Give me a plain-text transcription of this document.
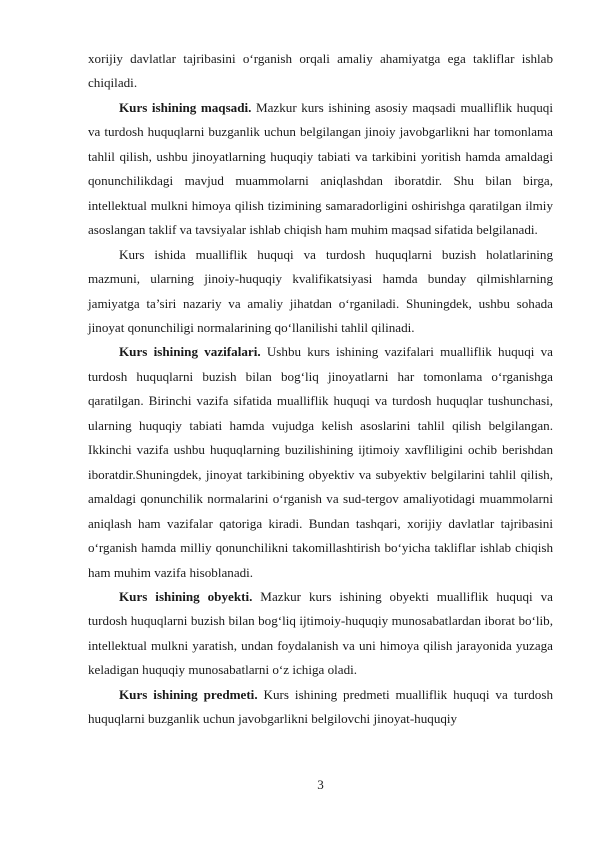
xorijiy davlatlar tajribasini o‘rganish orqali amaliy ahamiyatga ega takliflar ishlab chiqiladi.

Kurs ishining maqsadi. Mazkur kurs ishining asosiy maqsadi mualliflik huquqi va turdosh huquqlarni buzganlik uchun belgilangan jinoiy javobgarlikni har tomonlama tahlil qilish, ushbu jinoyatlarning huquqiy tabiati va tarkibini yoritish hamda amaldagi qonunchilikdagi mavjud muammolarni aniqlashdan iboratdir. Shu bilan birga, intellektual mulkni himoya qilish tizimining samaradorligini oshirishga qaratilgan ilmiy asoslangan taklif va tavsiyalar ishlab chiqish ham muhim maqsad sifatida belgilanadi.

Kurs ishida mualliflik huquqi va turdosh huquqlarni buzish holatlarining mazmuni, ularning jinoiy-huquqiy kvalifikatsiyasi hamda bunday qilmishlarning jamiyatga ta’siri nazariy va amaliy jihatdan o‘rganiladi. Shuningdek, ushbu sohada jinoyat qonunchiligi normalarining qo‘llanilishi tahlil qilinadi.

Kurs ishining vazifalari. Ushbu kurs ishining vazifalari mualliflik huquqi va turdosh huquqlarni buzish bilan bog‘liq jinoyatlarni har tomonlama o‘rganishga qaratilgan. Birinchi vazifa sifatida mualliflik huquqi va turdosh huquqlar tushunchasi, ularning huquqiy tabiati hamda vujudga kelish asoslarini tahlil qilish belgilangan. Ikkinchi vazifa ushbu huquqlarning buzilishining ijtimoiy xavfliligini ochib berishdan iboratdir.Shuningdek, jinoyat tarkibining obyektiv va subyektiv belgilarini tahlil qilish, amaldagi qonunchilik normalarini o‘rganish va sud-tergov amaliyotidagi muammolarni aniqlash ham vazifalar qatoriga kiradi. Bundan tashqari, xorijiy davlatlar tajribasini o‘rganish hamda milliy qonunchilikni takomillashtirish bo‘yicha takliflar ishlab chiqish ham muhim vazifa hisoblanadi.

Kurs ishining obyekti. Mazkur kurs ishining obyekti mualliflik huquqi va turdosh huquqlarni buzish bilan bog‘liq ijtimoiy-huquqiy munosabatlardan iborat bo‘lib, intellektual mulkni yaratish, undan foydalanish va uni himoya qilish jarayonida yuzaga keladigan huquqiy munosabatlarni o‘z ichiga oladi.

Kurs ishining predmeti. Kurs ishining predmeti mualliflik huquqi va turdosh huquqlarni buzganlik uchun javobgarlikni belgilovchi jinoyat-huquqiy

3
